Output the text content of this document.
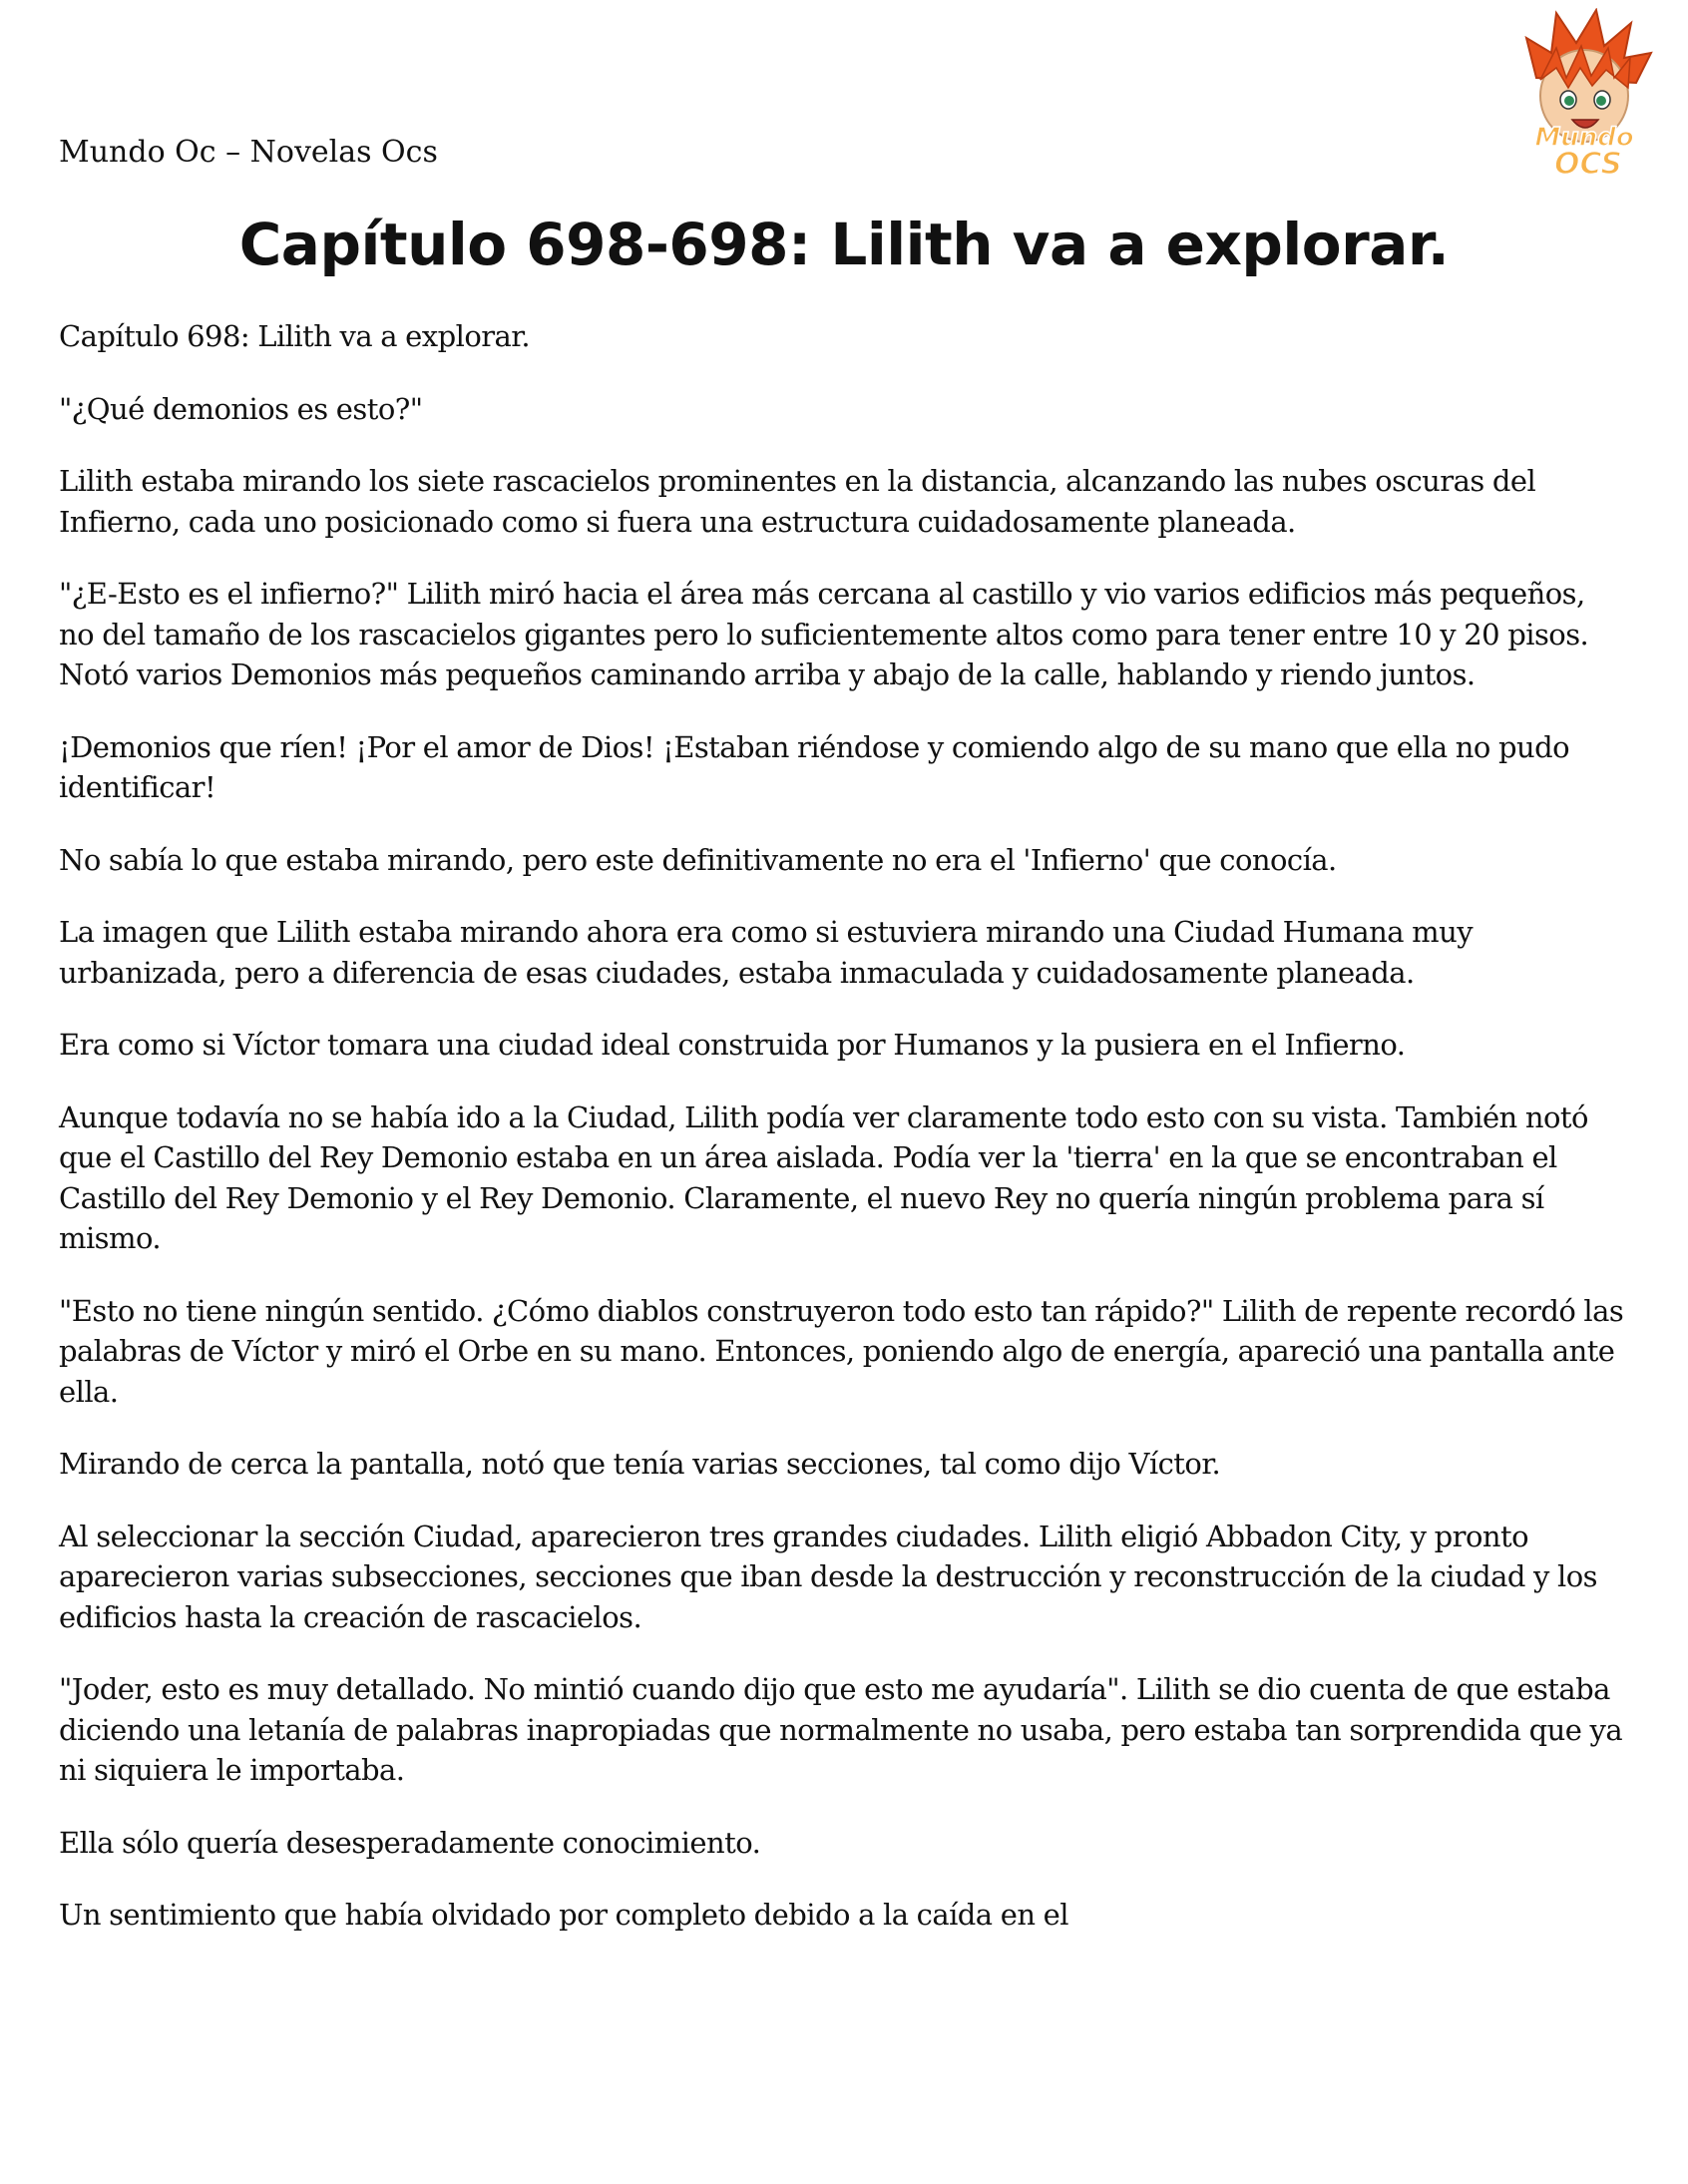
Mundo Oc – Novelas Ocs	Mundo
OCS
Capítulo 698-698: Lilith va a explorar.

Capítulo 698: Lilith va a explorar.

"¿Qué demonios es esto?"

Lilith estaba mirando los siete rascacielos prominentes en la distancia, alcanzando las nubes oscuras del Infierno, cada uno posicionado como si fuera una estructura cuidadosamente planeada.

"¿E-Esto es el infierno?" Lilith miró hacia el área más cercana al castillo y vio varios edificios más pequeños, no del tamaño de los rascacielos gigantes pero lo suficientemente altos como para tener entre 10 y 20 pisos. Notó varios Demonios más pequeños caminando arriba y abajo de la calle, hablando y riendo juntos.

¡Demonios que ríen! ¡Por el amor de Dios! ¡Estaban riéndose y comiendo algo de su mano que ella no pudo identificar!

No sabía lo que estaba mirando, pero este definitivamente no era el 'Infierno' que conocía.

La imagen que Lilith estaba mirando ahora era como si estuviera mirando una Ciudad Humana muy urbanizada, pero a diferencia de esas ciudades, estaba inmaculada y cuidadosamente planeada.

Era como si Víctor tomara una ciudad ideal construida por Humanos y la pusiera en el Infierno.

Aunque todavía no se había ido a la Ciudad, Lilith podía ver claramente todo esto con su vista. También notó que el Castillo del Rey Demonio estaba en un área aislada. Podía ver la 'tierra' en la que se encontraban el Castillo del Rey Demonio y el Rey Demonio. Claramente, el nuevo Rey no quería ningún problema para sí mismo.

"Esto no tiene ningún sentido. ¿Cómo diablos construyeron todo esto tan rápido?" Lilith de repente recordó las palabras de Víctor y miró el Orbe en su mano. Entonces, poniendo algo de energía, apareció una pantalla ante ella.

Mirando de cerca la pantalla, notó que tenía varias secciones, tal como dijo Víctor.

Al seleccionar la sección Ciudad, aparecieron tres grandes ciudades. Lilith eligió Abbadon City, y pronto aparecieron varias subsecciones, secciones que iban desde la destrucción y reconstrucción de la ciudad y los edificios hasta la creación de rascacielos.

"Joder, esto es muy detallado. No mintió cuando dijo que esto me ayudaría". Lilith se dio cuenta de que estaba diciendo una letanía de palabras inapropiadas que normalmente no usaba, pero estaba tan sorprendida que ya ni siquiera le importaba.

Ella sólo quería desesperadamente conocimiento.

Un sentimiento que había olvidado por completo debido a la caída en el
